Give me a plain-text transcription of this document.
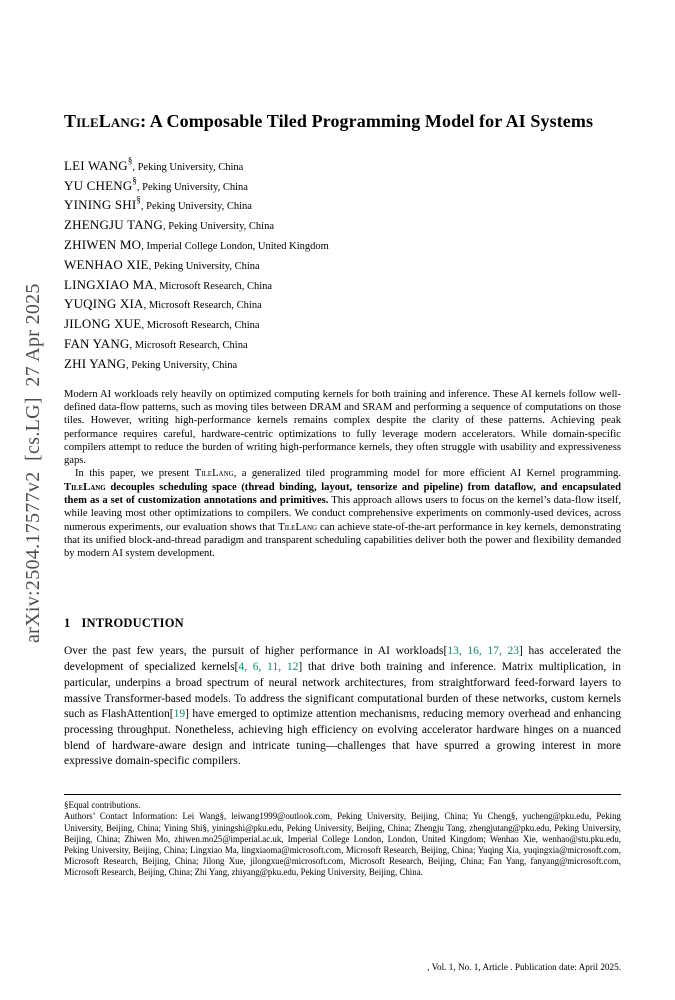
arXiv:2504.17577v2  [cs.LG]  27 Apr 2025
TileLang: A Composable Tiled Programming Model for AI Systems
LEI WANG§, Peking University, China
YU CHENG§, Peking University, China
YINING SHI§, Peking University, China
ZHENGJU TANG, Peking University, China
ZHIWEN MO, Imperial College London, United Kingdom
WENHAO XIE, Peking University, China
LINGXIAO MA, Microsoft Research, China
YUQING XIA, Microsoft Research, China
JILONG XUE, Microsoft Research, China
FAN YANG, Microsoft Research, China
ZHI YANG, Peking University, China

Modern AI workloads rely heavily on optimized computing kernels for both training and inference. These AI kernels follow well-defined data-flow patterns, such as moving tiles between DRAM and SRAM and performing a sequence of computations on those tiles. However, writing high-performance kernels remains complex despite the clarity of these patterns. Achieving peak performance requires careful, hardware-centric optimizations to fully leverage modern accelerators. While domain-specific compilers attempt to reduce the burden of writing high-performance kernels, they often struggle with usability and expressiveness gaps.

In this paper, we present TileLang, a generalized tiled programming model for more efficient AI Kernel programming. TileLang decouples scheduling space (thread binding, layout, tensorize and pipeline) from dataflow, and encapsulated them as a set of customization annotations and primitives. This approach allows users to focus on the kernel’s data-flow itself, while leaving most other optimizations to compilers. We conduct comprehensive experiments on commonly-used devices, across numerous experiments, our evaluation shows that TileLang can achieve state-of-the-art performance in key kernels, demonstrating that its unified block-and-thread paradigm and transparent scheduling capabilities deliver both the power and flexibility demanded by modern AI system development.

1 INTRODUCTION

Over the past few years, the pursuit of higher performance in AI workloads[13, 16, 17, 23] has accelerated the development of specialized kernels[4, 6, 11, 12] that drive both training and inference. Matrix multiplication, in particular, underpins a broad spectrum of neural network architectures, from straightforward feed-forward layers to massive Transformer-based models. To address the significant computational burden of these networks, custom kernels such as FlashAttention[19] have emerged to optimize attention mechanisms, reducing memory overhead and enhancing processing throughput. Nonetheless, achieving high efficiency on evolving accelerator hardware hinges on a nuanced blend of hardware-aware design and intricate tuning—challenges that have spurred a growing interest in more expressive domain-specific compilers.

§Equal contributions.
Authors’ Contact Information: Lei Wang§, leiwang1999@outlook.com, Peking University, Beijing, China; Yu Cheng§, yucheng@pku.edu, Peking University, Beijing, China; Yining Shi§, yiningshi@pku.edu, Peking University, Beijing, China; Zhengju Tang, zhengjutang@pku.edu, Peking University, Beijing, China; Zhiwen Mo, zhiwen.mo25@imperial.ac.uk, Imperial College London, London, United Kingdom; Wenhao Xie, wenhao@stu.pku.edu, Peking University, Beijing, China; Lingxiao Ma, lingxiaoma@microsoft.com, Microsoft Research, Beijing, China; Yuqing Xia, yuqingxia@microsoft.com, Microsoft Research, Beijing, China; Jilong Xue, jilongxue@microsoft.com, Microsoft Research, Beijing, China; Fan Yang, fanyang@microsoft.com, Microsoft Research, Beijing, China; Zhi Yang, zhiyang@pku.edu, Peking University, Beijing, China.
, Vol. 1, No. 1, Article . Publication date: April 2025.
